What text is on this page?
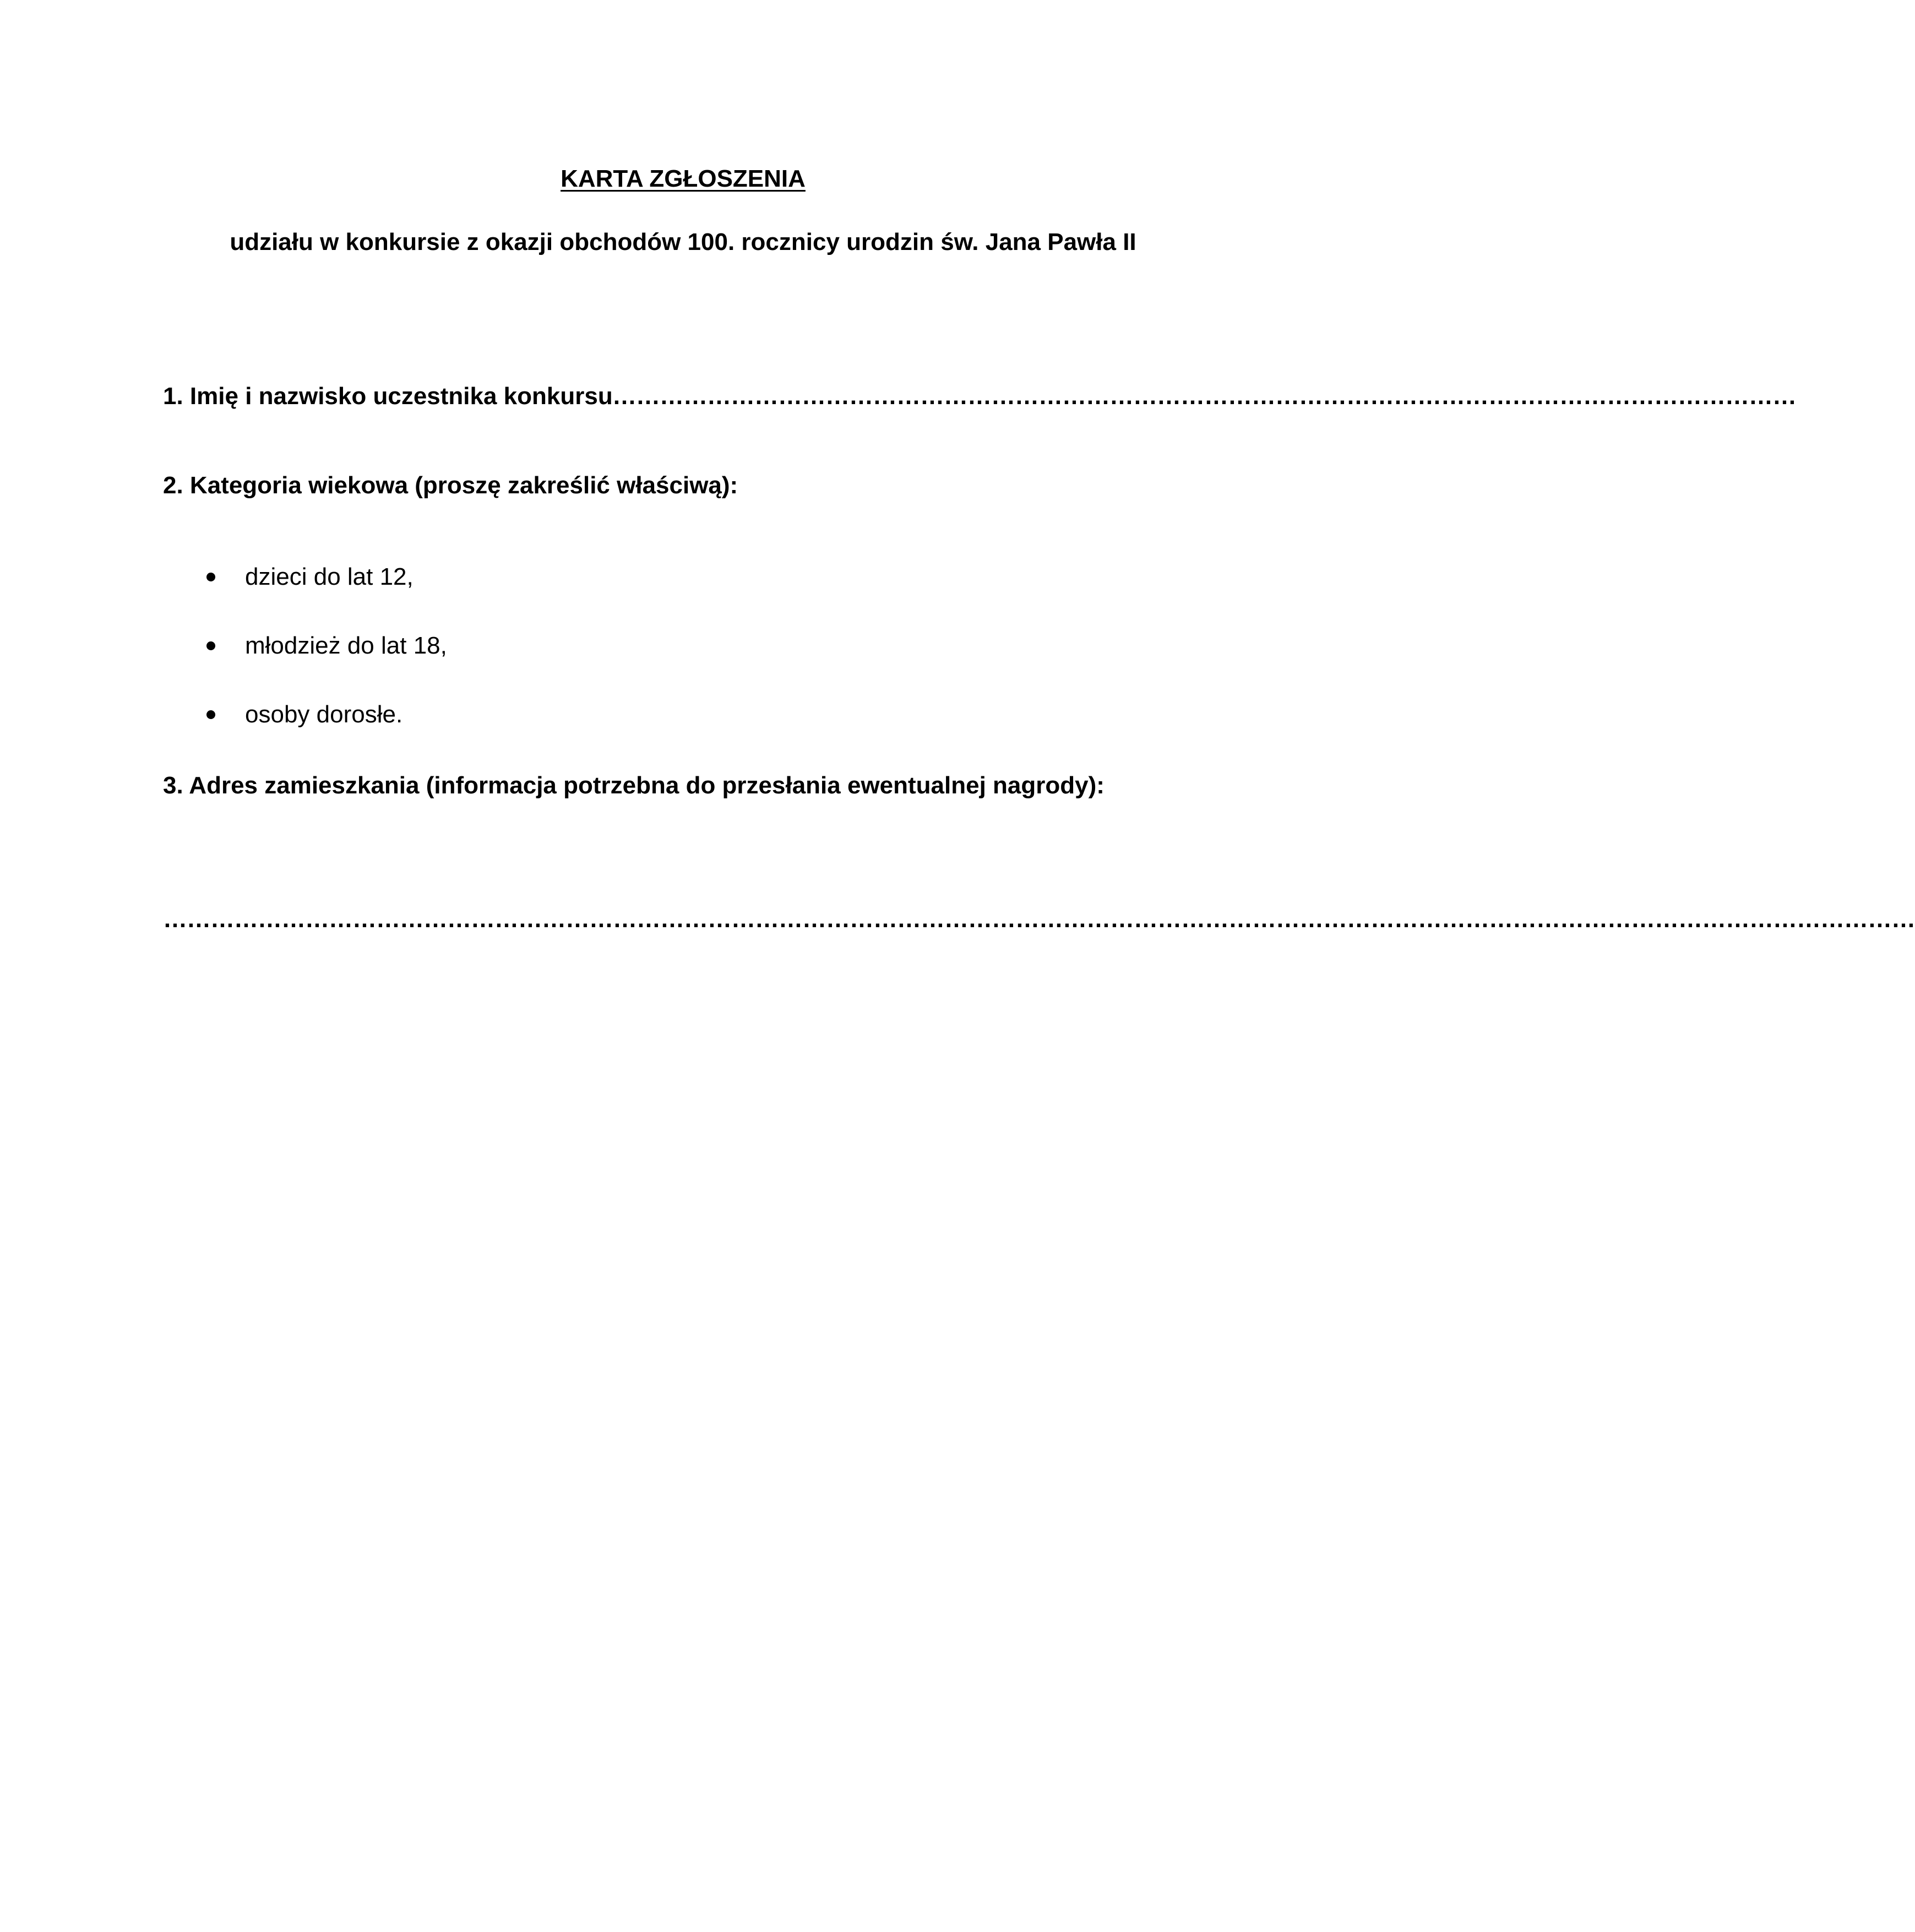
KARTA ZGŁOSZENIA
udziału w konkursie z okazji obchodów 100. rocznicy urodzin św. Jana Pawła II
1. Imię i nazwisko uczestnika konkursu ……………………………………………………………………………………………………………………………………
2. Kategoria wiekowa (proszę zakreślić właściwą):
dzieci do lat 12,
młodzież do lat 18,
osoby dorosłe.
3. Adres zamieszkania (informacja potrzebna do przesłania ewentualnej nagrody):
……………………………………………………………………………………………………………………………………………………………………………………………………
